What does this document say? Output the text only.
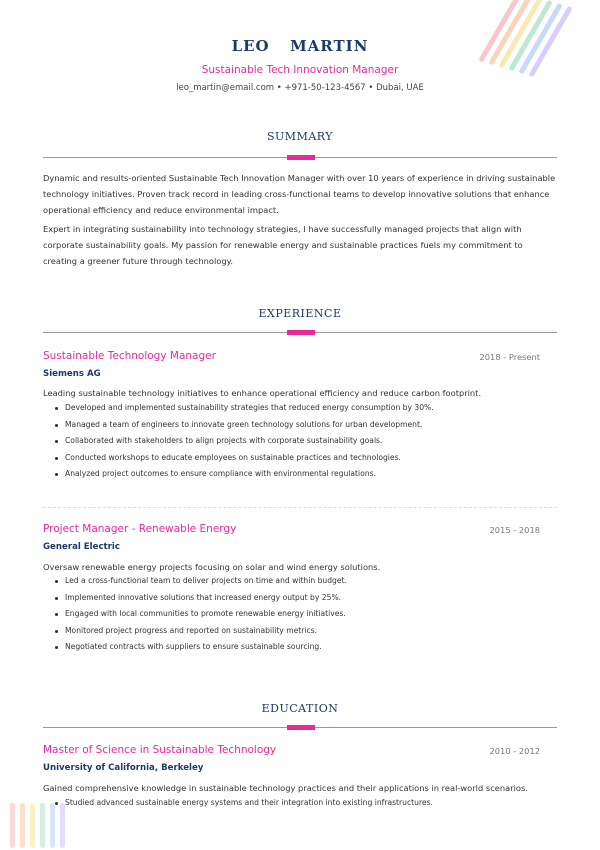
LEO  MARTIN
Sustainable Tech Innovation Manager
leo_martin@email.com • +971-50-123-4567 • Dubai, UAE
SUMMARY
Dynamic and results-oriented Sustainable Tech Innovation Manager with over 10 years of experience in driving sustainable technology initiatives. Proven track record in leading cross-functional teams to develop innovative solutions that enhance operational efficiency and reduce environmental impact.
Expert in integrating sustainability into technology strategies, I have successfully managed projects that align with corporate sustainability goals. My passion for renewable energy and sustainable practices fuels my commitment to creating a greener future through technology.
EXPERIENCE
Sustainable Technology Manager	2018 - Present
Siemens AG
Leading sustainable technology initiatives to enhance operational efficiency and reduce carbon footprint.
Developed and implemented sustainability strategies that reduced energy consumption by 30%.
Managed a team of engineers to innovate green technology solutions for urban development.
Collaborated with stakeholders to align projects with corporate sustainability goals.
Conducted workshops to educate employees on sustainable practices and technologies.
Analyzed project outcomes to ensure compliance with environmental regulations.
Project Manager - Renewable Energy	2015 - 2018
General Electric
Oversaw renewable energy projects focusing on solar and wind energy solutions.
Led a cross-functional team to deliver projects on time and within budget.
Implemented innovative solutions that increased energy output by 25%.
Engaged with local communities to promote renewable energy initiatives.
Monitored project progress and reported on sustainability metrics.
Negotiated contracts with suppliers to ensure sustainable sourcing.
EDUCATION
Master of Science in Sustainable Technology	2010 - 2012
University of California, Berkeley
Gained comprehensive knowledge in sustainable technology practices and their applications in real-world scenarios.
Studied advanced sustainable energy systems and their integration into existing infrastructures.
